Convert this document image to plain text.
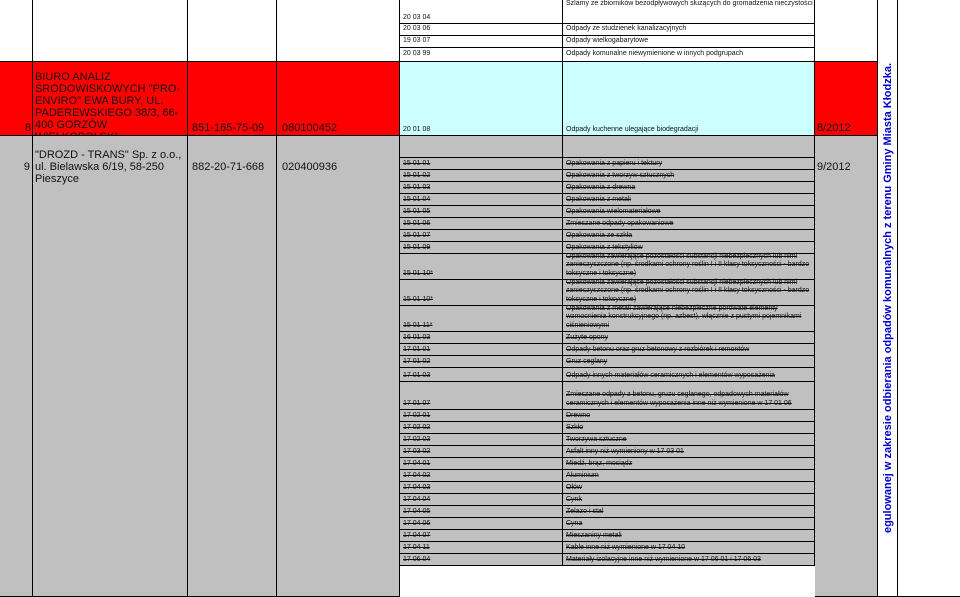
20 03 04
Szlamy ze zbiorników bezodpływowych służących do gromadzenia nieczystości
20 03 06	Odpady ze studzienek kanalizacyjnych
19 03 07	Odpady wielkogabarytowe
20 03 99	Odpady komunalne niewymienione w innych podgrupach
8
BIURO ANALIZ ŚRODOWISKOWYCH "PRO-ENVIRO" EWA BURY, UL. PADEREWSKIEGO 38/3, 66-400 GORZÓW	851-165-75-09 080100452	20 01 08	Odpady kuchenne ulegające biodegradacji	8/2012
9
"DROZD - TRANS" Sp. z o.o., ul. Bielawska 6/19, 58-250 Pieszyce
882-20-71-668 020400936	9/2012
15 01 01	Opakowania z papieru i tektury
15 01 02	Opakowania z tworzyw sztucznych
15 01 03	Opakowania z drewna
15 01 04	Opakowania z metali
15 01 05	Opakowania wielomateriałowe
15 01 06	Zmieszane odpady opakowaniowe
15 01 07	Opakowania ze szkła
15 01 09	Opakowania z tekstyliów
15 01 10*
Opakowania zawierające pozostałości substancji niebezpiecznych lub nimi zanieczyszczone (np. środkami ochrony roślin I i II klasy toksyczności - bardzo toksyczne i toksyczne)
15 01 10*
Opakowania zawierające pozostałości substancji niebezpiecznych lub nimi zanieczyszczone (np. środkami ochrony roślin I i II klasy toksyczności - bardzo toksyczne i toksyczne)
15 01 11*
Opakowania z metali zawierające niebezpieczne porowate elementy wzmocnienia konstrukcyjnego (np. azbest), włącznie z pustymi pojemnikami ciśnieniowymi
16 01 03	Zużyte opony
17 01 01	Odpady betonu oraz gruz betonowy z rozbiórek i remontów
17 01 02	Gruz ceglany
17 01 03	Odpady innych materiałów ceramicznych i elementów wyposażenia
17 01 07
Zmieszane odpady z betonu, gruzu ceglanego, odpadowych materiałów ceramicznych i elementów wyposażenia inne niż wymienione w 17 01 06
17 02 01	Drewno
17 02 02	Szkło
17 02 03	Tworzywa sztuczne
17 03 02	Asfalt inny niż wymieniony w 17 03 01
17 04 01	Miedź, brąz, mosiądz
17 04 02	Aluminium
17 04 03	Ołów
17 04 04	Cynk
17 04 05	Żelazo i stal
17 04 06	Cyna
17 04 07	Mieszaniny metali
17 04 11	Kable inne niż wymienione w 17 04 10
17 06 04	Materiały izolacyjne inne niż wymienione w 17 06 01 i 17 06 03
egulowanej w zakresie odbierania odpadów komunalnych z terenu Gminy Miasta Kłodzka.
